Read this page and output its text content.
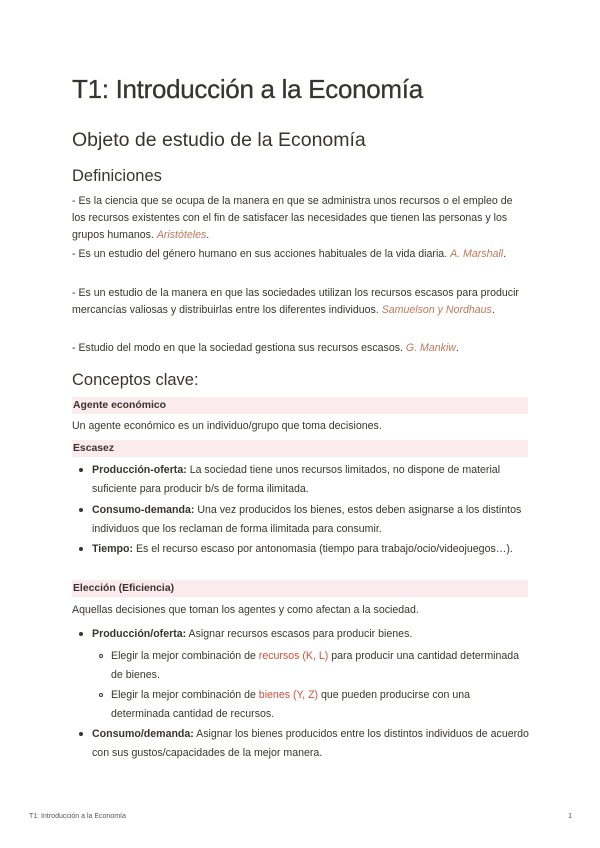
T1: Introducción a la Economía
Objeto de estudio de la Economía
Definiciones

- Es la ciencia que se ocupa de la manera en que se administra unos recursos o el empleo de los recursos existentes con el fin de satisfacer las necesidades que tienen las personas y los grupos humanos. Aristóteles.

- Es un estudio del género humano en sus acciones habituales de la vida diaria. A. Marshall.

- Es un estudio de la manera en que las sociedades utilizan los recursos escasos para producir mercancías valiosas y distribuirlas entre los diferentes individuos. Samuelson y Nordhaus.

- Estudio del modo en que la sociedad gestiona sus recursos escasos. G. Mankiw.

Conceptos clave:
Agente económico

Un agente económico es un individuo/grupo que toma decisiones.

Escasez
Producción-oferta: La sociedad tiene unos recursos limitados, no dispone de material suficiente para producir b/s de forma ilimitada.
Consumo-demanda: Una vez producidos los bienes, estos deben asignarse a los distintos individuos que los reclaman de forma ilimitada para consumir.
Tiempo: Es el recurso escaso por antonomasia (tiempo para trabajo/ocio/videojuegos…).
Elección (Eficiencia)

Aquellas decisiones que toman los agentes y como afectan a la sociedad.

Producción/oferta: Asignar recursos escasos para producir bienes.
Elegir la mejor combinación de recursos (K, L) para producir una cantidad determinada de bienes.
Elegir la mejor combinación de bienes (Y, Z) que pueden producirse con una determinada cantidad de recursos.
Consumo/demanda: Asignar los bienes producidos entre los distintos individuos de acuerdo con sus gustos/capacidades de la mejor manera.
T1: Introducción a la Economía	1
